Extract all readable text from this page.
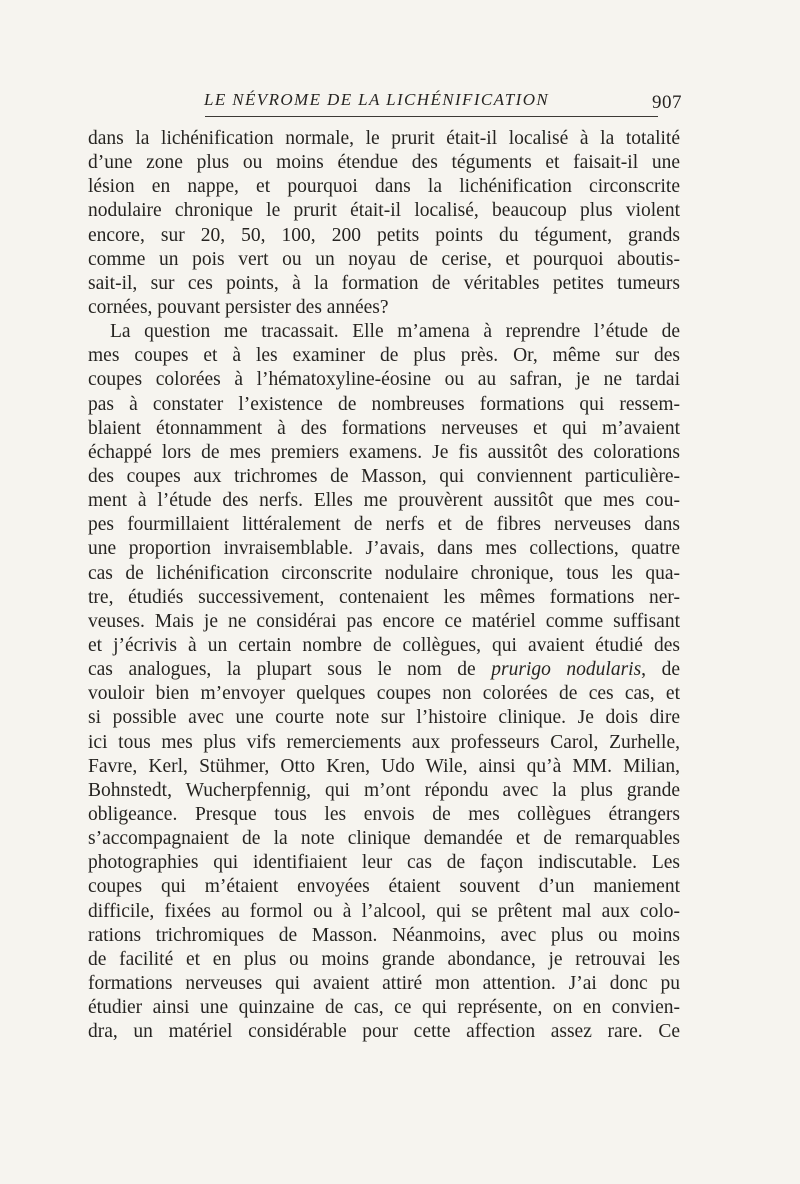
LE NÉVROME DE LA LICHÉNIFICATION	907
dans la lichénification normale, le prurit était-il localisé à la totalité
d’une zone plus ou moins étendue des téguments et faisait-il une
lésion en nappe, et pourquoi dans la lichénification circonscrite
nodulaire chronique le prurit était-il localisé, beaucoup plus violent
encore, sur 20, 50, 100, 200 petits points du tégument, grands
comme un pois vert ou un noyau de cerise, et pourquoi aboutis-
sait-il, sur ces points, à la formation de véritables petites tumeurs
cornées, pouvant persister des années?
La question me tracassait. Elle m’amena à reprendre l’étude de
mes coupes et à les examiner de plus près. Or, même sur des
coupes colorées à l’hématoxyline-éosine ou au safran, je ne tardai
pas à constater l’existence de nombreuses formations qui ressem-
blaient étonnamment à des formations nerveuses et qui m’avaient
échappé lors de mes premiers examens. Je fis aussitôt des colorations
des coupes aux trichromes de Masson, qui conviennent particulière-
ment à l’étude des nerfs. Elles me prouvèrent aussitôt que mes cou-
pes fourmillaient littéralement de nerfs et de fibres nerveuses dans
une proportion invraisemblable. J’avais, dans mes collections, quatre
cas de lichénification circonscrite nodulaire chronique, tous les qua-
tre, étudiés successivement, contenaient les mêmes formations ner-
veuses. Mais je ne considérai pas encore ce matériel comme suffisant
et j’écrivis à un certain nombre de collègues, qui avaient étudié des
cas analogues, la plupart sous le nom de prurigo nodularis, de
vouloir bien m’envoyer quelques coupes non colorées de ces cas, et
si possible avec une courte note sur l’histoire clinique. Je dois dire
ici tous mes plus vifs remerciements aux professeurs Carol, Zurhelle,
Favre, Kerl, Stühmer, Otto Kren, Udo Wile, ainsi qu’à MM. Milian,
Bohnstedt, Wucherpfennig, qui m’ont répondu avec la plus grande
obligeance. Presque tous les envois de mes collègues étrangers
s’accompagnaient de la note clinique demandée et de remarquables
photographies qui identifiaient leur cas de façon indiscutable. Les
coupes qui m’étaient envoyées étaient souvent d’un maniement
difficile, fixées au formol ou à l’alcool, qui se prêtent mal aux colo-
rations trichromiques de Masson. Néanmoins, avec plus ou moins
de facilité et en plus ou moins grande abondance, je retrouvai les
formations nerveuses qui avaient attiré mon attention. J’ai donc pu
étudier ainsi une quinzaine de cas, ce qui représente, on en convien-
dra, un matériel considérable pour cette affection assez rare. Ce
